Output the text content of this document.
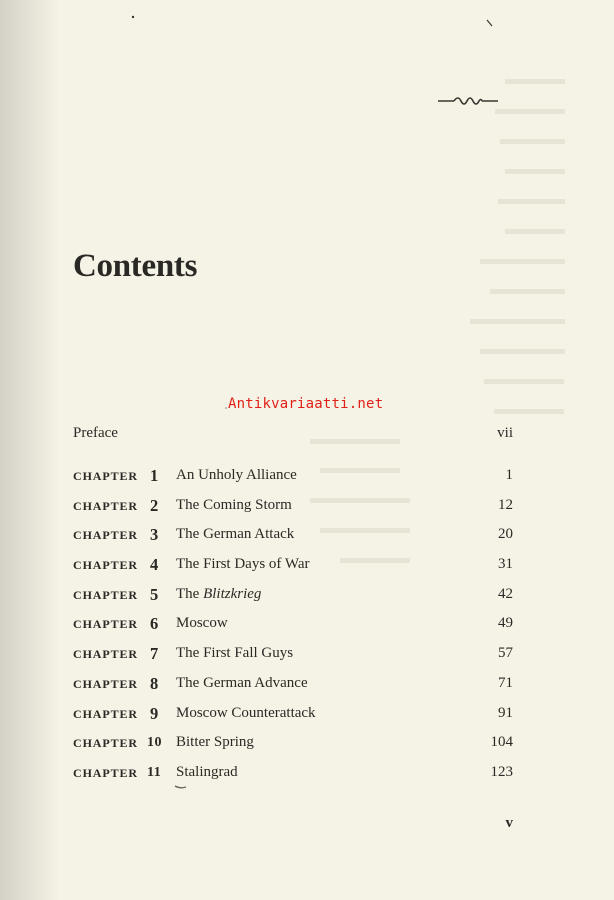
Contents
Antikvariaatti.net
Preface	vii
CHAPTER 1 An Unholy Alliance	1
CHAPTER 2 The Coming Storm	12
CHAPTER 3 The German Attack	20
CHAPTER 4 The First Days of War	31
CHAPTER 5 The Blitzkrieg	42
CHAPTER 6 Moscow	49
CHAPTER 7 The First Fall Guys	57
CHAPTER 8 The German Advance	71
CHAPTER 9 Moscow Counterattack	91
CHAPTER 10 Bitter Spring	104
CHAPTER 11 Stalingrad	123
v
